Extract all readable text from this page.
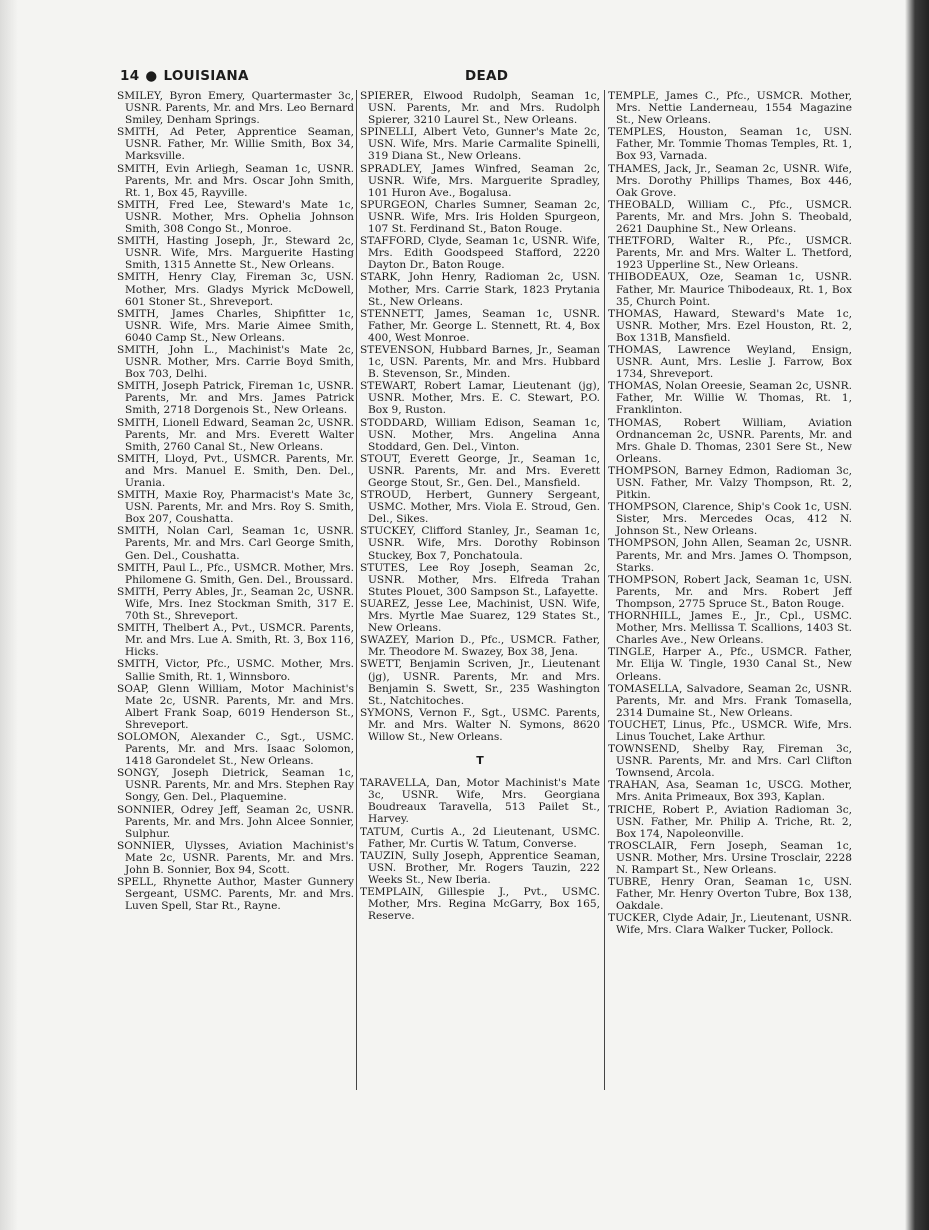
14 ● LOUISIANA	DEAD

SMILEY, Byron Emery, Quartermaster 3c, USNR. Parents, Mr. and Mrs. Leo Bernard Smiley, Denham Springs.

SMITH, Ad Peter, Apprentice Seaman, USNR. Father, Mr. Willie Smith, Box 34, Marksville.

SMITH, Evin Arliegh, Seaman 1c, USNR. Parents, Mr. and Mrs. Oscar John Smith, Rt. 1, Box 45, Rayville.

SMITH, Fred Lee, Steward's Mate 1c, USNR. Mother, Mrs. Ophelia Johnson Smith, 308 Congo St., Monroe.

SMITH, Hasting Joseph, Jr., Steward 2c, USNR. Wife, Mrs. Marguerite Hasting Smith, 1315 Annette St., New Orleans.

SMITH, Henry Clay, Fireman 3c, USN. Mother, Mrs. Gladys Myrick McDowell, 601 Stoner St., Shreveport.

SMITH, James Charles, Shipfitter 1c, USNR. Wife, Mrs. Marie Aimee Smith, 6040 Camp St., New Orleans.

SMITH, John L., Machinist's Mate 2c, USNR. Mother, Mrs. Carrie Boyd Smith, Box 703, Delhi.

SMITH, Joseph Patrick, Fireman 1c, USNR. Parents, Mr. and Mrs. James Patrick Smith, 2718 Dorgenois St., New Orleans.

SMITH, Lionell Edward, Seaman 2c, USNR. Parents, Mr. and Mrs. Everett Walter Smith, 2760 Canal St., New Orleans.

SMITH, Lloyd, Pvt., USMCR. Parents, Mr. and Mrs. Manuel E. Smith, Den. Del., Urania.

SMITH, Maxie Roy, Pharmacist's Mate 3c, USN. Parents, Mr. and Mrs. Roy S. Smith, Box 207, Coushatta.

SMITH, Nolan Carl, Seaman 1c, USNR. Parents, Mr. and Mrs. Carl George Smith, Gen. Del., Coushatta.

SMITH, Paul L., Pfc., USMCR. Mother, Mrs. Philomene G. Smith, Gen. Del., Broussard.

SMITH, Perry Ables, Jr., Seaman 2c, USNR. Wife, Mrs. Inez Stockman Smith, 317 E. 70th St., Shreveport.

SMITH, Thelbert A., Pvt., USMCR. Parents, Mr. and Mrs. Lue A. Smith, Rt. 3, Box 116, Hicks.

SMITH, Victor, Pfc., USMC. Mother, Mrs. Sallie Smith, Rt. 1, Winnsboro.

SOAP, Glenn William, Motor Machinist's Mate 2c, USNR. Parents, Mr. and Mrs. Albert Frank Soap, 6019 Henderson St., Shreveport.

SOLOMON, Alexander C., Sgt., USMC. Parents, Mr. and Mrs. Isaac Solomon, 1418 Garondelet St., New Orleans.

SONGY, Joseph Dietrick, Seaman 1c, USNR. Parents, Mr. and Mrs. Stephen Ray Songy, Gen. Del., Plaquemine.

SONNIER, Odrey Jeff, Seaman 2c, USNR. Parents, Mr. and Mrs. John Alcee Sonnier, Sulphur.

SONNIER, Ulysses, Aviation Machinist's Mate 2c, USNR. Parents, Mr. and Mrs. John B. Sonnier, Box 94, Scott.

SPELL, Rhynette Author, Master Gunnery Sergeant, USMC. Parents, Mr. and Mrs. Luven Spell, Star Rt., Rayne.

SPIERER, Elwood Rudolph, Seaman 1c, USN. Parents, Mr. and Mrs. Rudolph Spierer, 3210 Laurel St., New Orleans.

SPINELLI, Albert Veto, Gunner's Mate 2c, USN. Wife, Mrs. Marie Carmalite Spinelli, 319 Diana St., New Orleans.

SPRADLEY, James Winfred, Seaman 2c, USNR. Wife, Mrs. Marguerite Spradley, 101 Huron Ave., Bogalusa.

SPURGEON, Charles Sumner, Seaman 2c, USNR. Wife, Mrs. Iris Holden Spurgeon, 107 St. Ferdinand St., Baton Rouge.

STAFFORD, Clyde, Seaman 1c, USNR. Wife, Mrs. Edith Goodspeed Stafford, 2220 Dayton Dr., Baton Rouge.

STARK, John Henry, Radioman 2c, USN. Mother, Mrs. Carrie Stark, 1823 Prytania St., New Orleans.

STENNETT, James, Seaman 1c, USNR. Father, Mr. George L. Stennett, Rt. 4, Box 400, West Monroe.

STEVENSON, Hubbard Barnes, Jr., Seaman 1c, USN. Parents, Mr. and Mrs. Hubbard B. Stevenson, Sr., Minden.

STEWART, Robert Lamar, Lieutenant (jg), USNR. Mother, Mrs. E. C. Stewart, P.O. Box 9, Ruston.

STODDARD, William Edison, Seaman 1c, USN. Mother, Mrs. Angelina Anna Stoddard, Gen. Del., Vinton.

STOUT, Everett George, Jr., Seaman 1c, USNR. Parents, Mr. and Mrs. Everett George Stout, Sr., Gen. Del., Mansfield.

STROUD, Herbert, Gunnery Sergeant, USMC. Mother, Mrs. Viola E. Stroud, Gen. Del., Sikes.

STUCKEY, Clifford Stanley, Jr., Seaman 1c, USNR. Wife, Mrs. Dorothy Robinson Stuckey, Box 7, Ponchatoula.

STUTES, Lee Roy Joseph, Seaman 2c, USNR. Mother, Mrs. Elfreda Trahan Stutes Plouet, 300 Sampson St., Lafayette.

SUAREZ, Jesse Lee, Machinist, USN. Wife, Mrs. Myrtle Mae Suarez, 129 States St., New Orleans.

SWAZEY, Marion D., Pfc., USMCR. Father, Mr. Theodore M. Swazey, Box 38, Jena.

SWETT, Benjamin Scriven, Jr., Lieutenant (jg), USNR. Parents, Mr. and Mrs. Benjamin S. Swett, Sr., 235 Washington St., Natchitoches.

SYMONS, Vernon F., Sgt., USMC. Parents, Mr. and Mrs. Walter N. Symons, 8620 Willow St., New Orleans.

T

TARAVELLA, Dan, Motor Machinist's Mate 3c, USNR. Wife, Mrs. Georgiana Boudreaux Taravella, 513 Pailet St., Harvey.

TATUM, Curtis A., 2d Lieutenant, USMC. Father, Mr. Curtis W. Tatum, Converse.

TAUZIN, Sully Joseph, Apprentice Seaman, USN. Brother, Mr. Rogers Tauzin, 222 Weeks St., New Iberia.

TEMPLAIN, Gillespie J., Pvt., USMC. Mother, Mrs. Regina McGarry, Box 165, Reserve.

TEMPLE, James C., Pfc., USMCR. Mother, Mrs. Nettie Landerneau, 1554 Magazine St., New Orleans.

TEMPLES, Houston, Seaman 1c, USN. Father, Mr. Tommie Thomas Temples, Rt. 1, Box 93, Varnada.

THAMES, Jack, Jr., Seaman 2c, USNR. Wife, Mrs. Dorothy Phillips Thames, Box 446, Oak Grove.

THEOBALD, William C., Pfc., USMCR. Parents, Mr. and Mrs. John S. Theobald, 2621 Dauphine St., New Orleans.

THETFORD, Walter R., Pfc., USMCR. Parents, Mr. and Mrs. Walter L. Thetford, 1923 Upperline St., New Orleans.

THIBODEAUX, Oze, Seaman 1c, USNR. Father, Mr. Maurice Thibodeaux, Rt. 1, Box 35, Church Point.

THOMAS, Haward, Steward's Mate 1c, USNR. Mother, Mrs. Ezel Houston, Rt. 2, Box 131B, Mansfield.

THOMAS, Lawrence Weyland, Ensign, USNR. Aunt, Mrs. Leslie J. Farrow, Box 1734, Shreveport.

THOMAS, Nolan Oreesie, Seaman 2c, USNR. Father, Mr. Willie W. Thomas, Rt. 1, Franklinton.

THOMAS, Robert William, Aviation Ordnanceman 2c, USNR. Parents, Mr. and Mrs. Ghale D. Thomas, 2301 Sere St., New Orleans.

THOMPSON, Barney Edmon, Radioman 3c, USN. Father, Mr. Valzy Thompson, Rt. 2, Pitkin.

THOMPSON, Clarence, Ship's Cook 1c, USN. Sister, Mrs. Mercedes Ocas, 412 N. Johnson St., New Orleans.

THOMPSON, John Allen, Seaman 2c, USNR. Parents, Mr. and Mrs. James O. Thompson, Starks.

THOMPSON, Robert Jack, Seaman 1c, USN. Parents, Mr. and Mrs. Robert Jeff Thompson, 2775 Spruce St., Baton Rouge.

THORNHILL, James E., Jr., Cpl., USMC. Mother, Mrs. Mellissa T. Scallions, 1403 St. Charles Ave., New Orleans.

TINGLE, Harper A., Pfc., USMCR. Father, Mr. Elija W. Tingle, 1930 Canal St., New Orleans.

TOMASELLA, Salvadore, Seaman 2c, USNR. Parents, Mr. and Mrs. Frank Tomasella, 2314 Dumaine St., New Orleans.

TOUCHET, Linus, Pfc., USMCR. Wife, Mrs. Linus Touchet, Lake Arthur.

TOWNSEND, Shelby Ray, Fireman 3c, USNR. Parents, Mr. and Mrs. Carl Clifton Townsend, Arcola.

TRAHAN, Asa, Seaman 1c, USCG. Mother, Mrs. Anita Primeaux, Box 393, Kaplan.

TRICHE, Robert P., Aviation Radioman 3c, USN. Father, Mr. Philip A. Triche, Rt. 2, Box 174, Napoleonville.

TROSCLAIR, Fern Joseph, Seaman 1c, USNR. Mother, Mrs. Ursine Trosclair, 2228 N. Rampart St., New Orleans.

TUBRE, Henry Oran, Seaman 1c, USN. Father, Mr. Henry Overton Tubre, Box 138, Oakdale.

TUCKER, Clyde Adair, Jr., Lieutenant, USNR. Wife, Mrs. Clara Walker Tucker, Pollock.
